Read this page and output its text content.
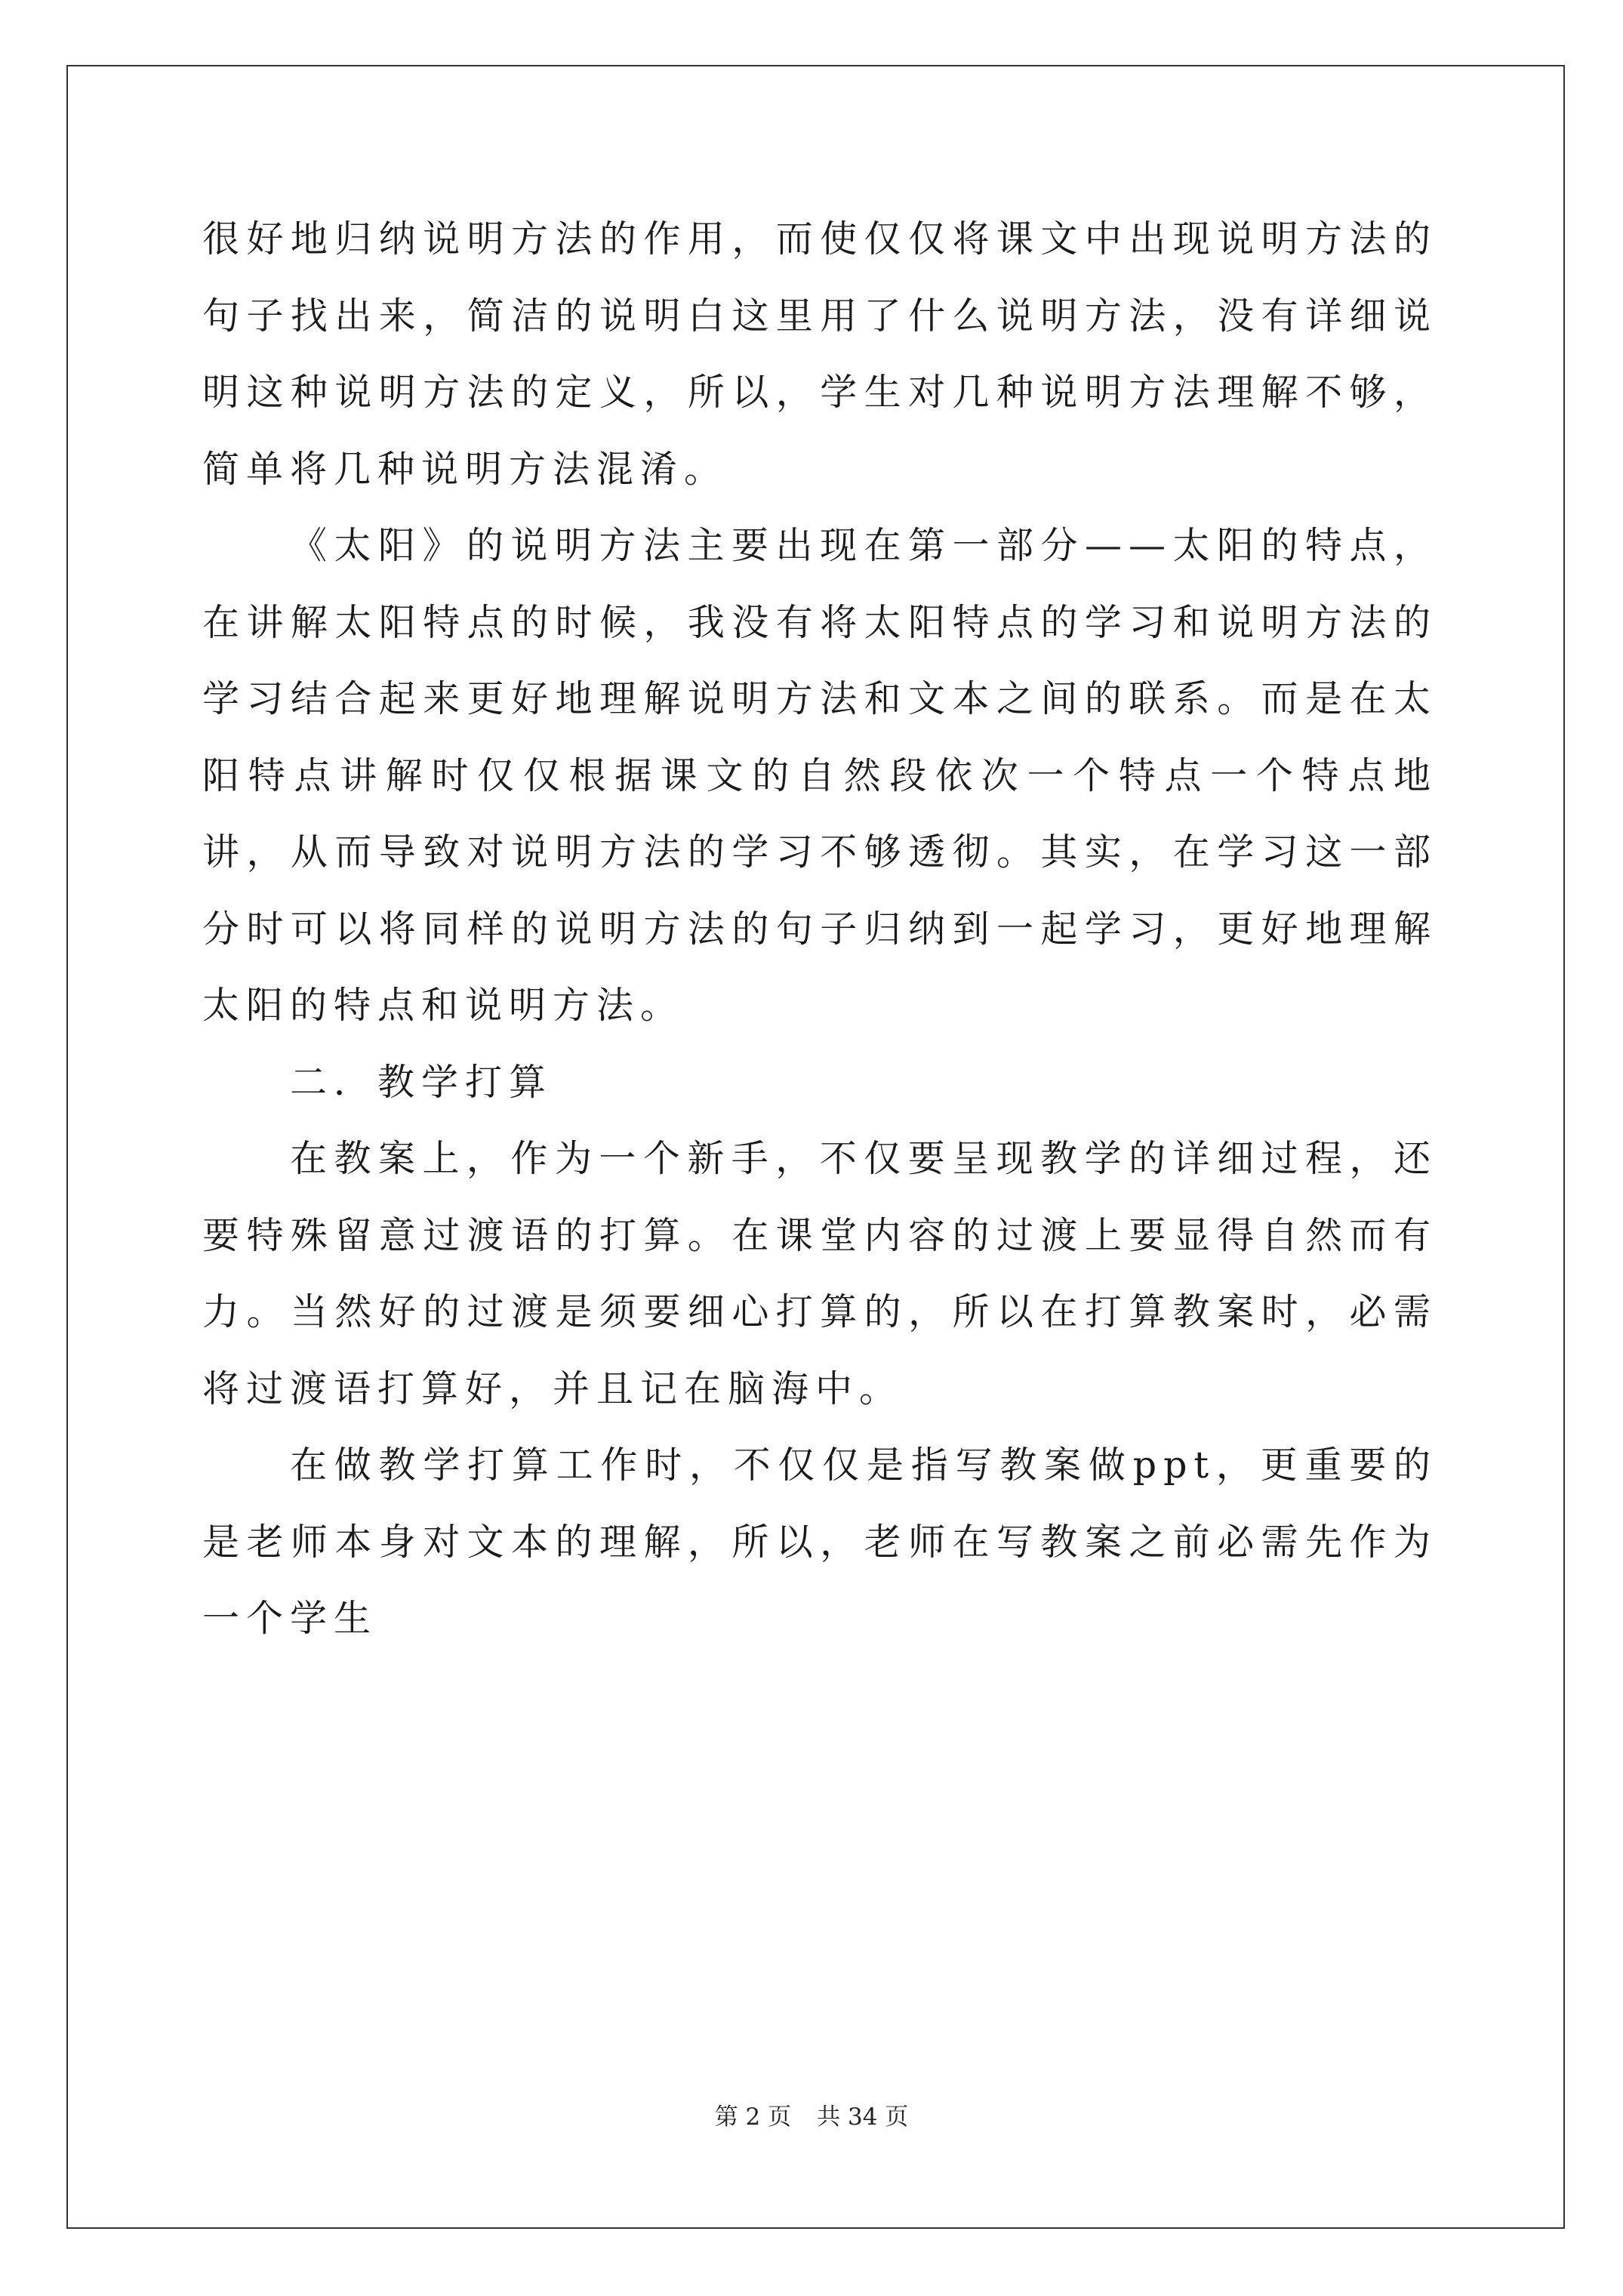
很好地归纳说明方法的作用，而使仅仅将课文中出现说明方法的句子找出来，简洁的说明白这里用了什么说明方法，没有详细说明这种说明方法的定义，所以，学生对几种说明方法理解不够，简单将几种说明方法混淆。

《太阳》的说明方法主要出现在第一部分——太阳的特点，在讲解太阳特点的时候，我没有将太阳特点的学习和说明方法的学习结合起来更好地理解说明方法和文本之间的联系。而是在太阳特点讲解时仅仅根据课文的自然段依次一个特点一个特点地讲，从而导致对说明方法的学习不够透彻。其实，在学习这一部分时可以将同样的说明方法的句子归纳到一起学习，更好地理解太阳的特点和说明方法。

二．教学打算

在教案上，作为一个新手，不仅要呈现教学的详细过程，还要特殊留意过渡语的打算。在课堂内容的过渡上要显得自然而有力。当然好的过渡是须要细心打算的，所以在打算教案时，必需将过渡语打算好，并且记在脑海中。

在做教学打算工作时，不仅仅是指写教案做ppt，更重要的是老师本身对文本的理解，所以，老师在写教案之前必需先作为一个学生

第 2 页 共 34 页
